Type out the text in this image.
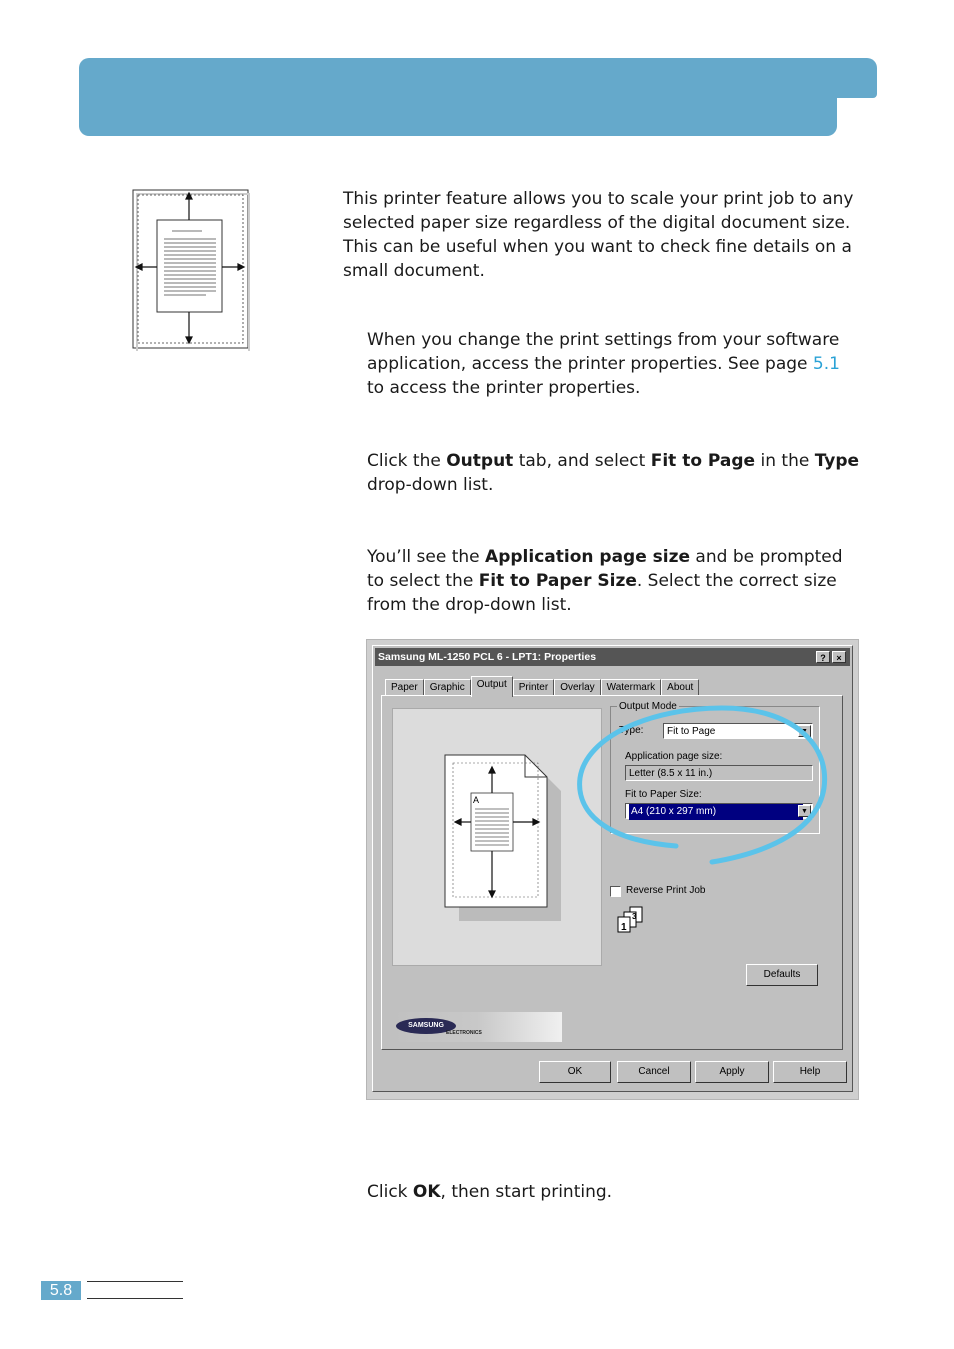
This printer feature allows you to scale your print job to any selected paper size regardless of the digital document size. This can be useful when you want to check fine details on a small document.

When you change the print settings from your software application, access the printer properties. See page 5.1 to access the printer properties.

Click the Output tab, and select Fit to Page in the Type drop-down list.

You’ll see the Application page size and be prompted to select the Fit to Paper Size. Select the correct size from the drop-down list.

Samsung ML-1250 PCL 6 - LPT1: Properties	?	×
Paper	Graphic	Output	Printer	Overlay	Watermark	About
A
Output Mode
Type:	Fit to Page	▼
Application page size:
Letter (8.5 x 11 in.)
Fit to Paper Size:
A4 (210 x 297 mm)	▼
Reverse Print Job
1
3
Defaults
SAMSUNG
ELECTRONICS
OK	Cancel	Apply	Help

Click OK, then start printing.

5.8
